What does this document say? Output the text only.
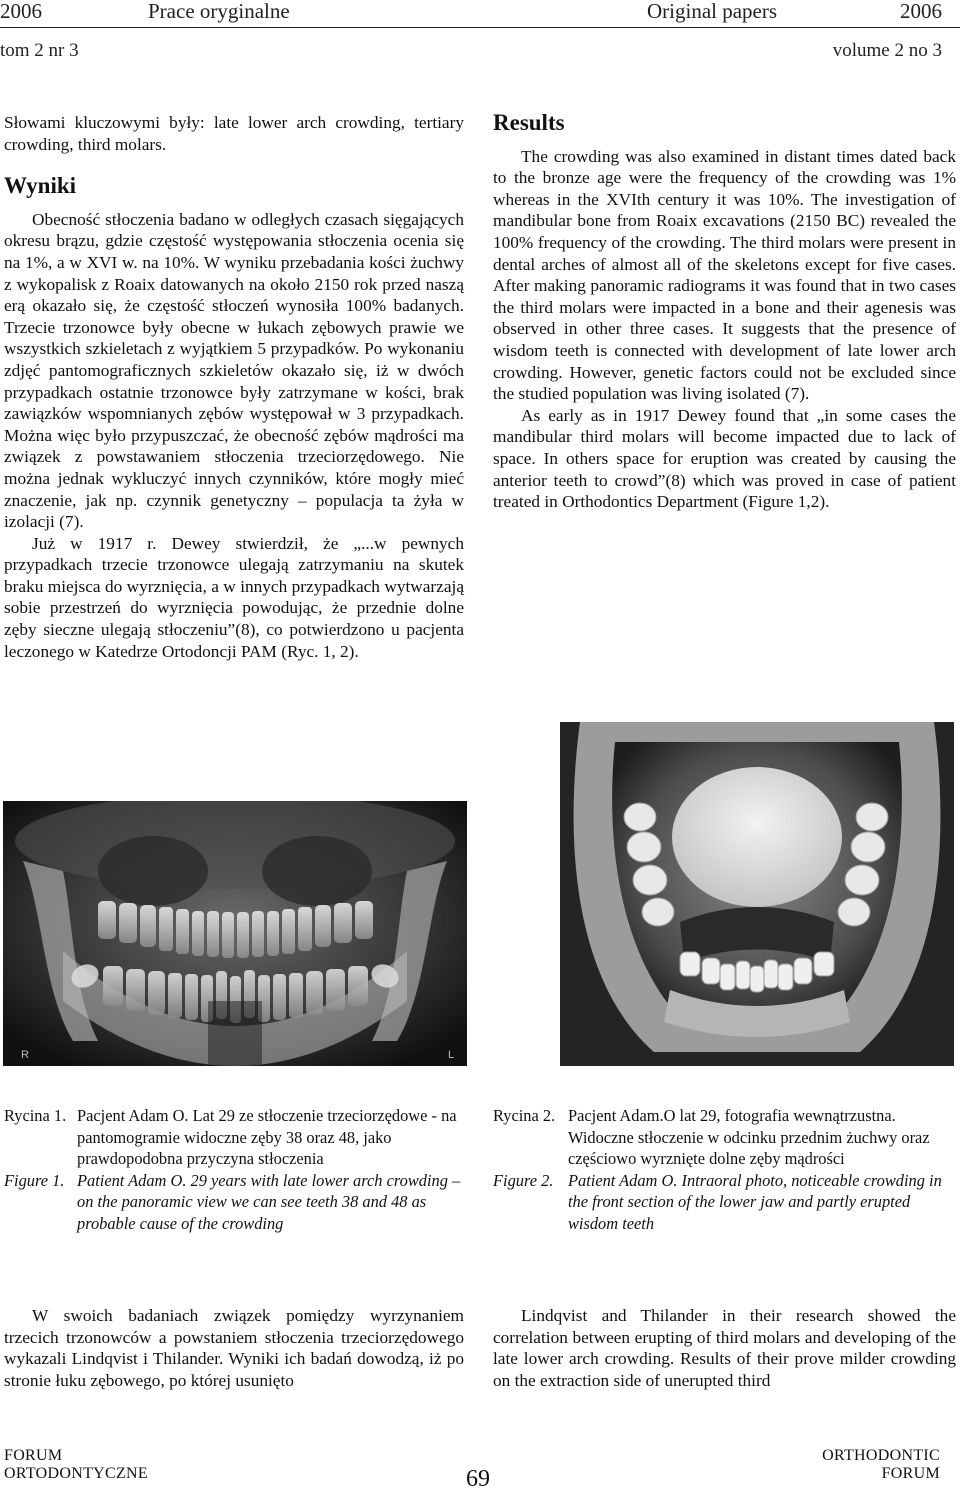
2006	Prace oryginalne	Original papers	2006
tom 2 nr 3	volume 2 no 3

Słowami kluczowymi były: late lower arch crowding, tertiary crowding, third molars.

Wyniki

Obecność stłoczenia badano w odległych czasach sięgających okresu brązu, gdzie częstość występowania stłoczenia ocenia się na 1%, a w XVI w. na 10%. W wyniku przebadania kości żuchwy z wykopalisk z Roaix datowanych na około 2150 rok przed naszą erą okazało się, że częstość stłoczeń wynosiła 100% badanych. Trzecie trzonowce były obecne w łukach zębowych prawie we wszystkich szkieletach z wyjątkiem 5 przypadków. Po wykonaniu zdjęć pantomograficznych szkieletów okazało się, iż w dwóch przypadkach ostatnie trzonowce były zatrzymane w kości, brak zawiązków wspomnianych zębów występował w 3 przypadkach. Można więc było przypuszczać, że obecność zębów mądrości ma związek z powstawaniem stłoczenia trzeciorzędowego. Nie można jednak wykluczyć innych czynników, które mogły mieć znaczenie, jak np. czynnik genetyczny – populacja ta żyła w izolacji (7).

Już w 1917 r. Dewey stwierdził, że „...w pewnych przypadkach trzecie trzonowce ulegają zatrzymaniu na skutek braku miejsca do wyrznięcia, a w innych przypadkach wytwarzają sobie przestrzeń do wyrznięcia powodując, że przednie dolne zęby sieczne ulegają stłoczeniu”(8), co potwierdzono u pacjenta leczonego w Katedrze Ortodoncji PAM (Ryc. 1, 2).

Results

The crowding was also examined in distant times dated back to the bronze age were the frequency of the crowding was 1% whereas in the XVIth century it was 10%. The investigation of mandibular bone from Roaix excavations (2150 BC) revealed the 100% frequency of the crowding. The third molars were present in dental arches of almost all of the skeletons except for five cases. After making panoramic radiograms it was found that in two cases the third molars were impacted in a bone and their agenesis was observed in other three cases. It suggests that the presence of wisdom teeth is connected with development of late lower arch crowding. However, genetic factors could not be excluded since the studied population was living isolated (7).

As early as in 1917 Dewey found that „in some cases the mandibular third molars will become impacted due to lack of space. In others space for eruption was created by causing the anterior teeth to crowd”(8) which was proved in case of patient treated in Orthodontics Department (Figure 1,2).

R	L
Rycina 1. Pacjent Adam O. Lat 29 ze stłoczenie trzeciorzędowe - na pantomogramie widoczne zęby 38 oraz 48, jako prawdopodobna przyczyna stłoczenia
Figure 1. Patient Adam O. 29 years with late lower arch crowding – on the panoramic view we can see teeth 38 and 48 as probable cause of the crowding
Rycina 2. Pacjent Adam.O lat 29, fotografia wewnątrzustna. Widoczne stłoczenie w odcinku przednim żuchwy oraz częściowo wyrznięte dolne zęby mądrości
Figure 2. Patient Adam O. Intraoral photo, noticeable crowding in the front section of the lower jaw and partly erupted wisdom teeth

W swoich badaniach związek pomiędzy wyrzynaniem trzecich trzonowców a powstaniem stłoczenia trzeciorzędowego wykazali Lindqvist i Thilander. Wyniki ich badań dowodzą, iż po stronie łuku zębowego, po której usunięto

Lindqvist and Thilander in their research showed the correlation between erupting of third molars and developing of the late lower arch crowding. Results of their prove milder crowding on the extraction side of unerupted third

FORUM
ORTODONTYCZNE	69
ORTHODONTIC
FORUM
